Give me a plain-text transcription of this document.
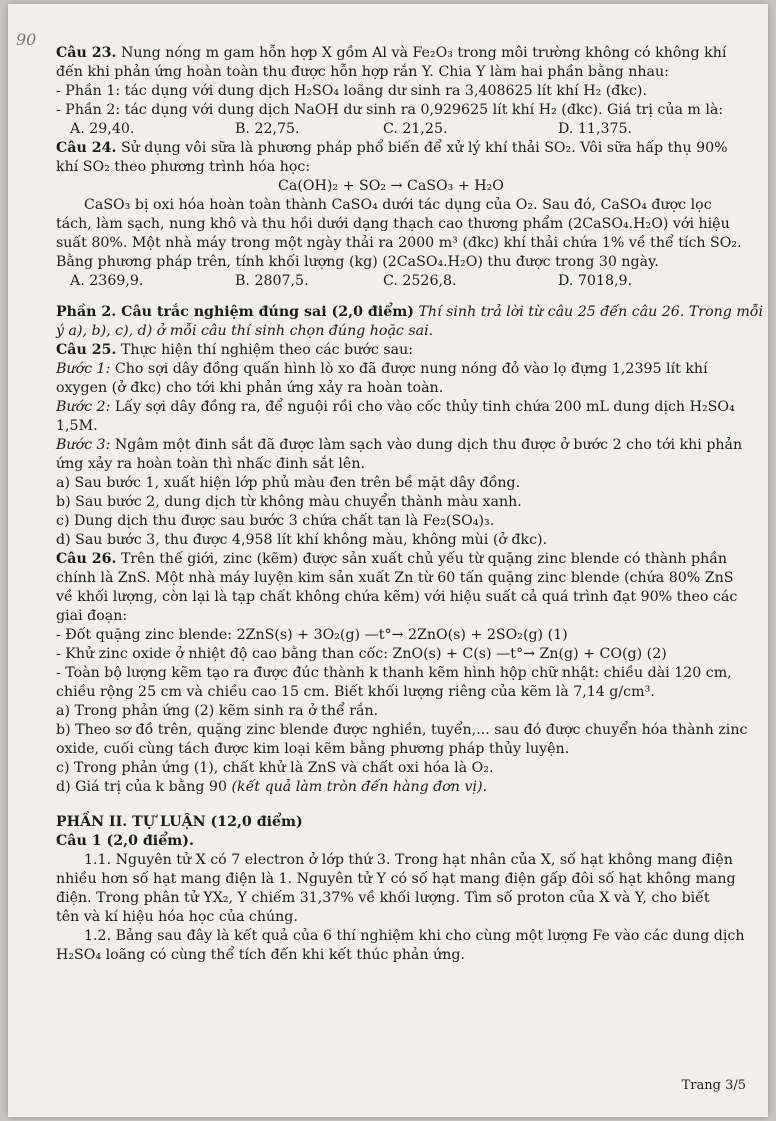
90
Câu 23. Nung nóng m gam hỗn hợp X gồm Al và Fe₂O₃ trong môi trường không có không khí
đến khi phản ứng hoàn toàn thu được hỗn hợp rắn Y. Chia Y làm hai phần bằng nhau:
- Phần 1: tác dụng với dung dịch H₂SO₄ loãng dư sinh ra 3,408625 lít khí H₂ (đkc).
- Phần 2: tác dụng với dung dịch NaOH dư sinh ra 0,929625 lít khí H₂ (đkc). Giá trị của m là:
A. 29,40.	B. 22,75.	C. 21,25.	D. 11,375.
Câu 24. Sử dụng vôi sữa là phương pháp phổ biến để xử lý khí thải SO₂. Vôi sữa hấp thụ 90%
khí SO₂ theo phương trình hóa học:
Ca(OH)₂ + SO₂ → CaSO₃ + H₂O
CaSO₃ bị oxi hóa hoàn toàn thành CaSO₄ dưới tác dụng của O₂. Sau đó, CaSO₄ được lọc
tách, làm sạch, nung khô và thu hồi dưới dạng thạch cao thương phẩm (2CaSO₄.H₂O) với hiệu
suất 80%. Một nhà máy trong một ngày thải ra 2000 m³ (đkc) khí thải chứa 1% về thể tích SO₂.
Bằng phương pháp trên, tính khối lượng (kg) (2CaSO₄.H₂O) thu được trong 30 ngày.
A. 2369,9.	B. 2807,5.	C. 2526,8.	D. 7018,9.
Phần 2. Câu trắc nghiệm đúng sai (2,0 điểm) Thí sinh trả lời từ câu 25 đến câu 26. Trong mỗi
ý a), b), c), d) ở mỗi câu thí sinh chọn đúng hoặc sai.
Câu 25. Thực hiện thí nghiệm theo các bước sau:
Bước 1: Cho sợi dây đồng quấn hình lò xo đã được nung nóng đỏ vào lọ đựng 1,2395 lít khí
oxygen (ở đkc) cho tới khi phản ứng xảy ra hoàn toàn.
Bước 2: Lấy sợi dây đồng ra, để nguội rồi cho vào cốc thủy tinh chứa 200 mL dung dịch H₂SO₄
1,5M.
Bước 3: Ngâm một đinh sắt đã được làm sạch vào dung dịch thu được ở bước 2 cho tới khi phản
ứng xảy ra hoàn toàn thì nhấc đinh sắt lên.
a) Sau bước 1, xuất hiện lớp phủ màu đen trên bề mặt dây đồng.
b) Sau bước 2, dung dịch từ không màu chuyển thành màu xanh.
c) Dung dịch thu được sau bước 3 chứa chất tan là Fe₂(SO₄)₃.
d) Sau bước 3, thu được 4,958 lít khí không màu, không mùi (ở đkc).
Câu 26. Trên thế giới, zinc (kẽm) được sản xuất chủ yếu từ quặng zinc blende có thành phần
chính là ZnS. Một nhà máy luyện kim sản xuất Zn từ 60 tấn quặng zinc blende (chứa 80% ZnS
về khối lượng, còn lại là tạp chất không chứa kẽm) với hiệu suất cả quá trình đạt 90% theo các
giai đoạn:
- Đốt quặng zinc blende: 2ZnS(s) + 3O₂(g) —t°→ 2ZnO(s) + 2SO₂(g) (1)
- Khử zinc oxide ở nhiệt độ cao bằng than cốc: ZnO(s) + C(s) —t°→ Zn(g) + CO(g) (2)
- Toàn bộ lượng kẽm tạo ra được đúc thành k thanh kẽm hình hộp chữ nhật: chiều dài 120 cm,
chiều rộng 25 cm và chiều cao 15 cm. Biết khối lượng riêng của kẽm là 7,14 g/cm³.
a) Trong phản ứng (2) kẽm sinh ra ở thể rắn.
b) Theo sơ đồ trên, quặng zinc blende được nghiền, tuyển,... sau đó được chuyển hóa thành zinc
oxide, cuối cùng tách được kim loại kẽm bằng phương pháp thủy luyện.
c) Trong phản ứng (1), chất khử là ZnS và chất oxi hóa là O₂.
d) Giá trị của k bằng 90 (kết quả làm tròn đến hàng đơn vị).
PHẦN II. TỰ LUẬN (12,0 điểm)
Câu 1 (2,0 điểm).
1.1. Nguyên tử X có 7 electron ở lớp thứ 3. Trong hạt nhân của X, số hạt không mang điện
nhiều hơn số hạt mang điện là 1. Nguyên tử Y có số hạt mang điện gấp đôi số hạt không mang
điện. Trong phân tử YX₂, Y chiếm 31,37% về khối lượng. Tìm số proton của X và Y, cho biết
tên và kí hiệu hóa học của chúng.
1.2. Bảng sau đây là kết quả của 6 thí nghiệm khi cho cùng một lượng Fe vào các dung dịch
H₂SO₄ loãng có cùng thể tích đến khi kết thúc phản ứng.
Trang 3/5
